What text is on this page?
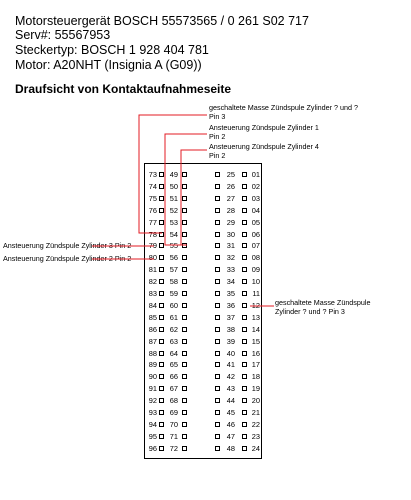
Motorsteuergerät BOSCH 55573565 / 0 261 S02 717
Serv#: 55567953
Steckertyp: BOSCH 1 928 404 781
Motor: A20NHT (Insignia A (G09))
Draufsicht von Kontaktaufnahmeseite
geschaltete Masse Zündspule Zylinder ? und ?
Pin 3
Ansteuerung Zündspule Zylinder 1
Pin 2
Ansteuerung Zündspule Zylinder 4
Pin 2
Ansteuerung Zündspule Zylinder 3 Pin 2
Ansteuerung Zündspule Zylinder 2 Pin 2
geschaltete Masse Zündspule
Zylinder ? und ? Pin 3
73 49	25 01
74 50	26 02
75 51	27 03
76 52	28 04
77 53	29 05
78 54	30 06
79 55	31 07
80 56	32 08
81 57	33 09
82 58	34 10
83 59	35	11
84 60	36 12
85 61	37 13
86 62	38 14
87 63	39 15
88 64	40 16
89 65	41 17
90 66	42 18
91 67	43 19
92 68	44 20
93 69	45 21
94 70	46 22
95 71	47 23
96 72	48 24
